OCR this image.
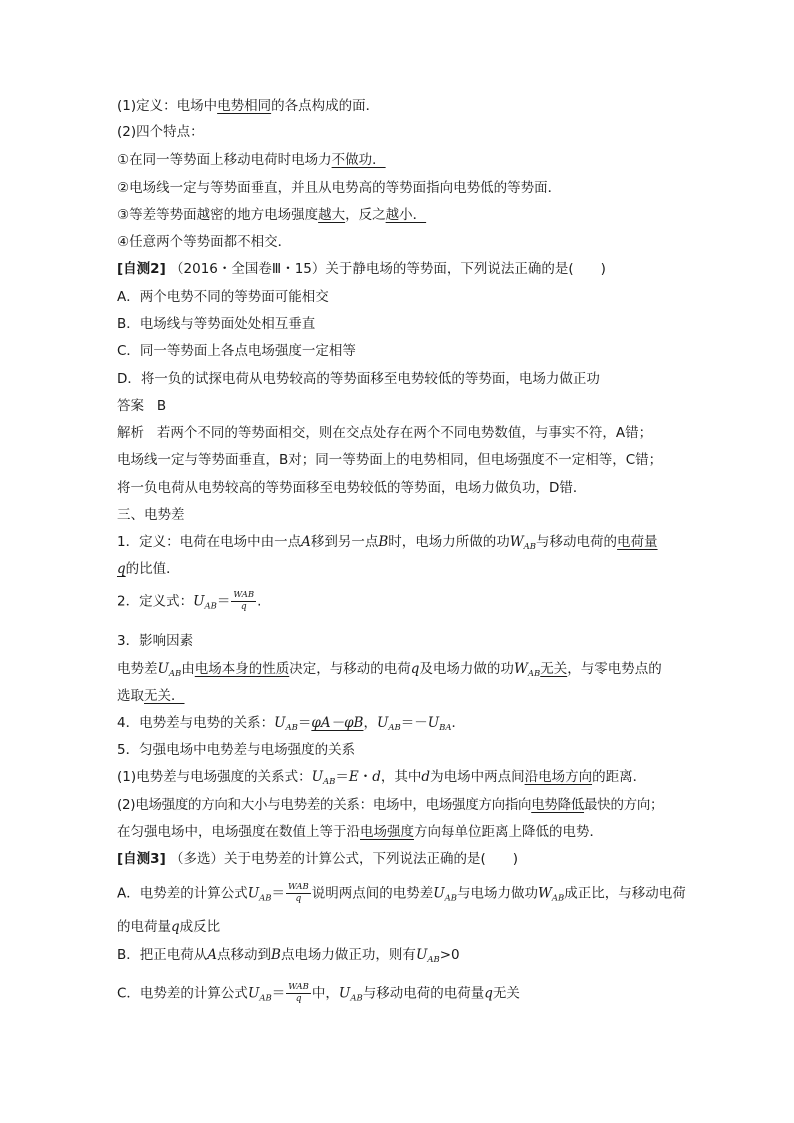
(1)定义：电场中电势相同的各点构成的面．
(2)四个特点：
①在同一等势面上移动电荷时电场力不做功．
②电场线一定与等势面垂直，并且从电势高的等势面指向电势低的等势面．
③等差等势面越密的地方电场强度越大，反之越小．
④任意两个等势面都不相交．
[自测2] （2016・全国卷Ⅲ・15）关于静电场的等势面，下列说法正确的是(　　)
A．两个电势不同的等势面可能相交
B．电场线与等势面处处相互垂直
C．同一等势面上各点电场强度一定相等
D．将一负的试探电荷从电势较高的等势面移至电势较低的等势面，电场力做正功
答案 B
解析 若两个不同的等势面相交，则在交点处存在两个不同电势数值，与事实不符，A错；
电场线一定与等势面垂直，B对；同一等势面上的电势相同，但电场强度不一定相等，C错；
将一负电荷从电势较高的等势面移至电势较低的等势面，电场力做负功，D错．
三、电势差
1．定义：电荷在电场中由一点A移到另一点B时，电场力所做的功$W_{AB}$与移动电荷的电荷量
q的比值．
2．定义式：$U_{AB}= \frac{\text{WAB}}{q}$ .
3．影响因素
电势差$U_{AB}$由电场本身的性质决定，与移动的电荷q及电场力做的功$W_{AB}$无关，与零电势点的
选取无关．
4．电势差与电势的关系：$U_{AB}=\varphi A-\varphi B$，$U_{AB}=-U_{BA}$．
5．匀强电场中电势差与电场强度的关系
(1)电势差与电场强度的关系式：$U_{AB}=E$・d，其中d为电场中两点间沿电场方向的距离．
(2)电场强度的方向和大小与电势差的关系：电场中，电场强度方向指向电势降低最快的方向；
在匀强电场中，电场强度在数值上等于沿电场强度方向每单位距离上降低的电势．
[自测3] （多选）关于电势差的计算公式，下列说法正确的是(　　)
A．电势差的计算公式$U_{AB}= \frac{\text{WAB}}{q}$ 说明两点间的电势差$U_{AB}$与电场力做功$W_{AB}$成正比，与移动电荷
的电荷量q成反比
B．把正电荷从A点移动到B点电场力做正功，则有$U_{AB}>0$
C．电势差的计算公式$U_{AB}= \frac{\text{WAB}}{q}$ 中，$U_{AB}$与移动电荷的电荷量q无关
